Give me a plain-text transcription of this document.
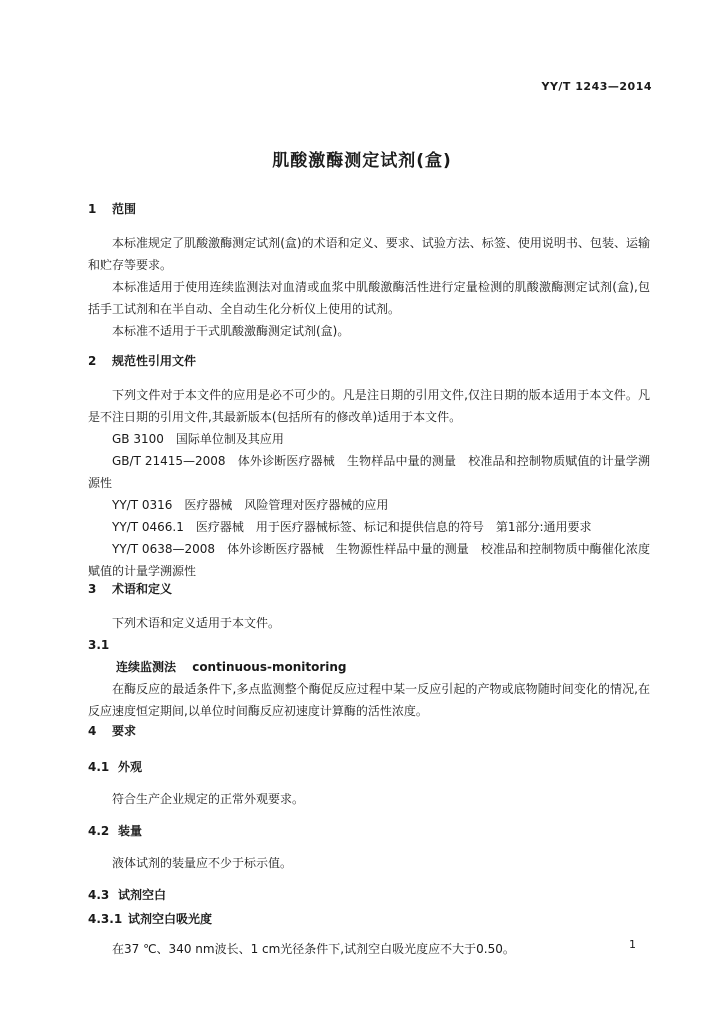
YY/T 1243—2014
肌酸激酶测定试剂(盒)
1 范围
本标准规定了肌酸激酶测定试剂(盒)的术语和定义、要求、试验方法、标签、使用说明书、包装、运输和贮存等要求。
本标准适用于使用连续监测法对血清或血浆中肌酸激酶活性进行定量检测的肌酸激酶测定试剂(盒),包括手工试剂和在半自动、全自动生化分析仪上使用的试剂。
本标准不适用于干式肌酸激酶测定试剂(盒)。
2 规范性引用文件
下列文件对于本文件的应用是必不可少的。凡是注日期的引用文件,仅注日期的版本适用于本文件。凡是不注日期的引用文件,其最新版本(包括所有的修改单)适用于本文件。
GB 3100　国际单位制及其应用
GB/T 21415—2008　体外诊断医疗器械　生物样品中量的测量　校准品和控制物质赋值的计量学溯源性
YY/T 0316　医疗器械　风险管理对医疗器械的应用
YY/T 0466.1　医疗器械　用于医疗器械标签、标记和提供信息的符号　第1部分:通用要求
YY/T 0638—2008　体外诊断医疗器械　生物源性样品中量的测量　校准品和控制物质中酶催化浓度赋值的计量学溯源性
3 术语和定义
下列术语和定义适用于本文件。
3.1
连续监测法　 continuous-monitoring
在酶反应的最适条件下,多点监测整个酶促反应过程中某一反应引起的产物或底物随时间变化的情况,在反应速度恒定期间,以单位时间酶反应初速度计算酶的活性浓度。
4 要求
4.1 外观
符合生产企业规定的正常外观要求。
4.2 装量
液体试剂的装量应不少于标示值。
4.3 试剂空白
4.3.1 试剂空白吸光度
在37 ℃、340 nm波长、1 cm光径条件下,试剂空白吸光度应不大于0.50。	1
